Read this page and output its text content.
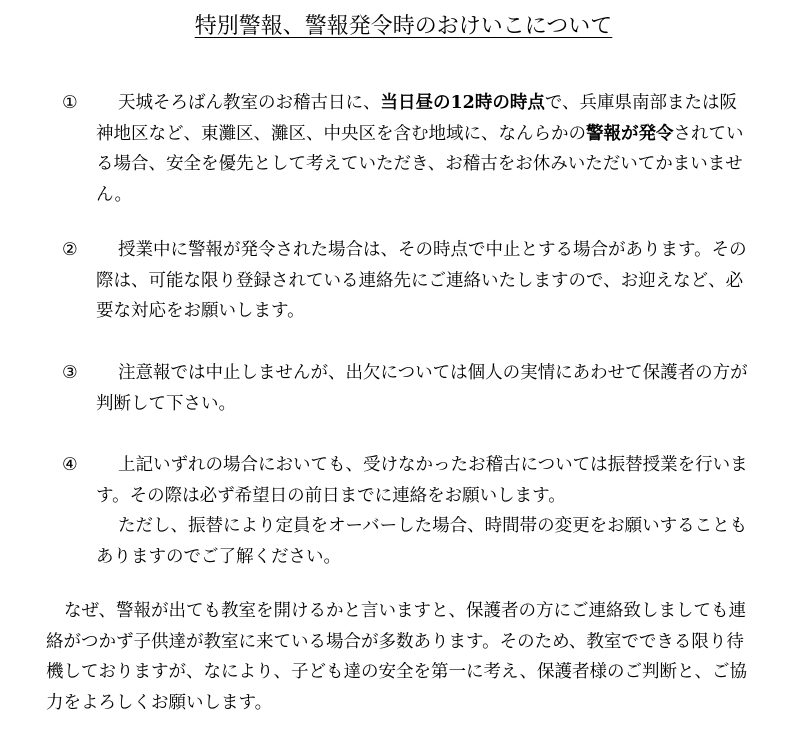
特別警報、警報発令時のおけいこについて
①	天城そろばん教室のお稽古日に、当日昼の12時の時点で、兵庫県南部または阪神地区など、東灘区、灘区、中央区を含む地域に、なんらかの警報が発令されている場合、安全を優先として考えていただき、お稽古をお休みいただいてかまいません。
②	授業中に警報が発令された場合は、その時点で中止とする場合があります。その際は、可能な限り登録されている連絡先にご連絡いたしますので、お迎えなど、必要な対応をお願いします。
③	注意報では中止しませんが、出欠については個人の実情にあわせて保護者の方が判断して下さい。
④	上記いずれの場合においても、受けなかったお稽古については振替授業を行います。その際は必ず希望日の前日までに連絡をお願いします。
ただし、振替により定員をオーバーした場合、時間帯の変更をお願いすることもありますのでご了解ください。
なぜ、警報が出ても教室を開けるかと言いますと、保護者の方にご連絡致しましても連絡がつかず子供達が教室に来ている場合が多数あります。そのため、教室でできる限り待機しておりますが、なにより、子ども達の安全を第一に考え、保護者様のご判断と、ご協力をよろしくお願いします。
